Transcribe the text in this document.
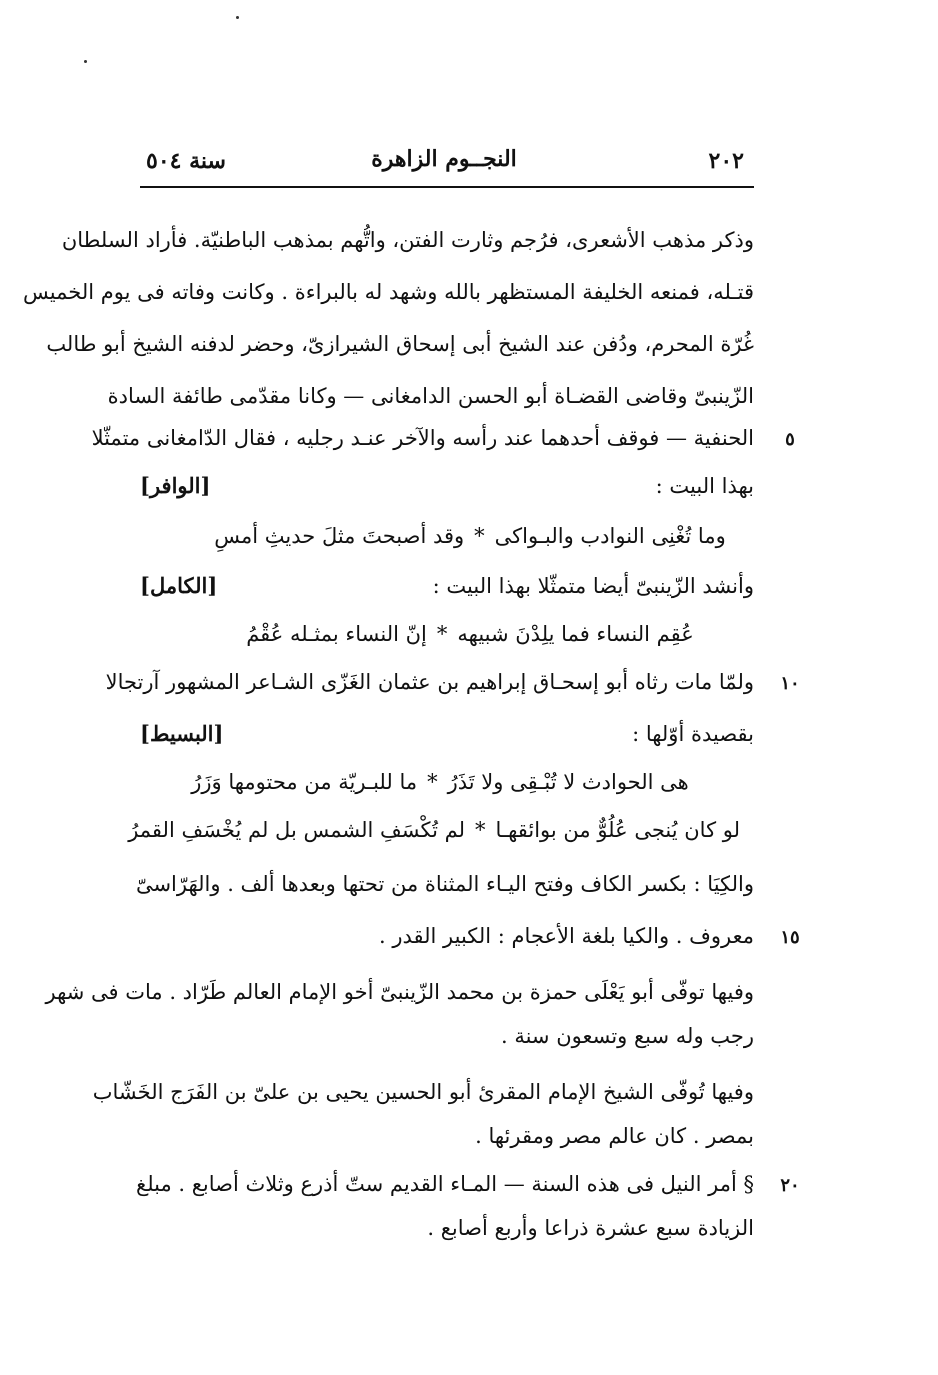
٢٠٢
النجــوم الزاهرة
سنة ٥٠٤
وذكر مذهب الأشعرى، فرُجم وثارت الفتن، واتُّهم بمذهب الباطنيّة. فأراد السلطان
قتـله، فمنعه الخليفة المستظهر بالله وشهد له بالبراءة . وكانت وفاته فى يوم الخميس
غُرّة المحرم، ودُفن عند الشيخ أبى إسحاق الشيرازىّ، وحضر لدفنه الشيخ أبو طالب
الزّينبىّ وقاضى القضـاة أبو الحسن الدامغانى — وكانا مقدّمى طائفة السادة
الحنفية — فوقف أحدهما عند رأسه والآخر عنـد رجليه ، فقال الدّامغانى متمثّلا	٥
بهذا البيت :
[الوافر]
وما تُغْنِى النوادب والبـواكى*وقد أصبحتَ مثلَ حديثِ أمسِ
وأنشد الزّينبىّ أيضا متمثّلا بهذا البيت :
[الكامل]
عُقِم النساء فما يلِدْنَ شبيهه*إنّ النساء بمثـله عُقْمُ
ولمّا مات رثاه أبو إسحـاق إبراهيم بن عثمان الغَزّى الشـاعر المشهور آرتجالا	١٠
بقصيدة أوّلها :
[البسيط]
هى الحوادث لا تُبْـقِى ولا تَذَرُ*ما للبـريّة من محتومها وَزَرُ
لو كان يُنجى عُلُوٌّ من بوائقهـا*لم تُكْسَفِ الشمس بل لم يُخْسَفِ القمرُ
والكِيَا : بكسر الكاف وفتح اليـاء المثناة من تحتها وبعدها ألف . والهَرّاسىّ
معروف . والكيا بلغة الأعجام : الكبير القدر .	١٥
وفيها توفّى أبو يَعْلَى حمزة بن محمد الزّينبىّ أخو الإمام العالم طَرّاد . مات فى شهر
رجب وله سبع وتسعون سنة .
وفيها تُوفّى الشيخ الإمام المقرئ أبو الحسين يحيى بن علىّ بن الفَرَج الخَشّاب
بمصر . كان عالم مصر ومقرئها .
§ أمر النيل فى هذه السنة — المـاء القديم ستّ أذرع وثلاث أصابع . مبلغ	٢٠
الزيادة سبع عشرة ذراعا وأربع أصابع .
